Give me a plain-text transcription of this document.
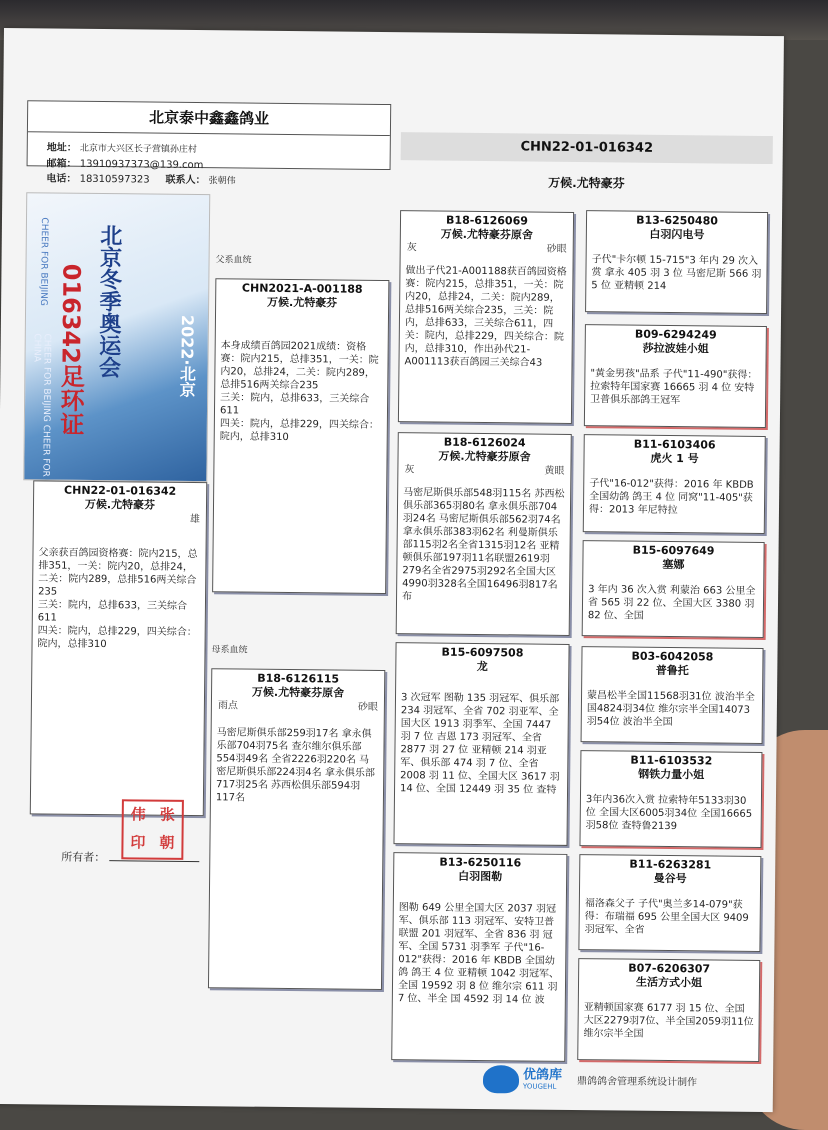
北京泰中鑫鑫鸽业
地址： 北京市大兴区长子营镇孙庄村
邮箱： 13910937373@139.com
电话： 18310597323 联系人： 张朝伟
CHEER FOR BEIJING 北京冬季奥运会
016342足环证	2022·北京
CHEER FOR BEIJING CHEER FOR CHINA
CHN22-01-016342
万候.尤特豪芬
CHN22-01-016342
万候.尤特豪芬
雄
父亲获百鸽园资格赛：院内215，总排351，一关：院内20，总排24，二关：院内289，总排516两关综合235
三关：院内，总排633，三关综合611
四关：院内，总排229，四关综合：院内，总排310
伟 张
印 朝
所有者：
父系血统
CHN2021-A-001188
万候.尤特豪芬
本身成绩百鸽园2021成绩：资格赛：院内215，总排351，一关：院内20，总排24，二关：院内289，总排516两关综合235
三关：院内，总排633，三关综合611
四关：院内，总排229，四关综合：院内，总排310
母系血统
B18-6126115
万候.尤特豪芬原舍
雨点	砂眼
马密尼斯俱乐部259羽17名 拿永俱乐部704羽75名 查尔维尔俱乐部554羽49名 全省2226羽220名 马密尼斯俱乐部224羽4名 拿永俱乐部717羽25名 苏西松俱乐部594羽117名
B18-6126069
万候.尤特豪芬原舍
灰	砂眼
做出子代21-A001188获百鸽园资格赛：院内215，总排351，一关：院内20，总排24，二关：院内289，总排516两关综合235，三关：院内，总排633，三关综合611，四关：院内，总排229，四关综合：院内，总排310，作出孙代21-A001113获百鸽园三关综合43
B18-6126024
万候.尤特豪芬原舍
灰	黄眼
马密尼斯俱乐部548羽115名 苏西松俱乐部365羽80名 拿永俱乐部704羽24名 马密尼斯俱乐部562羽74名 拿永俱乐部383羽62名 利曼斯俱乐部115羽2名全省1315羽12名 亚精顿俱乐部197羽11名联盟2619羽279名全省2975羽292名全国大区4990羽328名全国16496羽817名 布
B15-6097508
龙
3 次冠军 图勒 135 羽冠军、俱乐部 234 羽冠军、全省 702 羽亚军、全国大区 1913 羽季军、全国 7447 羽 7 位 吉恩 173 羽冠军、全省 2877 羽 27 位 亚精顿 214 羽亚军、俱乐部 474 羽 7 位、全省 2008 羽 11 位、全国大区 3617 羽 14 位、全国 12449 羽 35 位 查特
B13-6250116
白羽图勒
图勒 649 公里全国大区 2037 羽冠军、俱乐部 113 羽冠军、安特卫普联盟 201 羽冠军、全省 836 羽 冠军、全国 5731 羽季军 子代"16-012"获得：2016 年 KBDB 全国幼鸽 鸽王 4 位 亚精顿 1042 羽冠军、全国 19592 羽 8 位 维尔宗 611 羽 7 位、半全 国 4592 羽 14 位 波
B13-6250480
白羽闪电号
子代"卡尔顿 15-715"3 年内 29 次入赏 拿永 405 羽 3 位 马密尼斯 566 羽 5 位 亚精顿 214
B09-6294249
莎拉波娃小姐
"黄金男孩"品系 子代"11-490"获得：拉索特年国家赛 16665 羽 4 位 安特卫普俱乐部鸽王冠军
B11-6103406
虎火 1 号
子代"16-012"获得：2016 年 KBDB 全国幼鸽 鸽王 4 位 同窝"11-405"获得：2013 年尼特拉
B15-6097649
塞娜
3 年内 36 次入赏 利蒙治 663 公里全省 565 羽 22 位、全国大区 3380 羽 82 位、全国
B03-6042058
普鲁托
蒙昌松半全国11568羽31位 波治半全国4824羽34位 维尔宗半全国14073羽54位 波治半全国
B11-6103532
钢铁力量小姐
3年内36次入赏 拉索特年5133羽30位 全国大区6005羽34位 全国16665羽58位 查特鲁2139
B11-6263281
曼谷号
福洛森父子 子代"奥兰多14-079"获得：布瑞福 695 公里全国大区 9409 羽冠军、全省
B07-6206307
生活方式小姐
亚精顿国家赛 6177 羽 15 位、全国大区2279羽7位、半全国2059羽11位 维尔宗半全国
优鸽库
YOUGEHL	鼎鸽鸽舍管理系统设计制作
